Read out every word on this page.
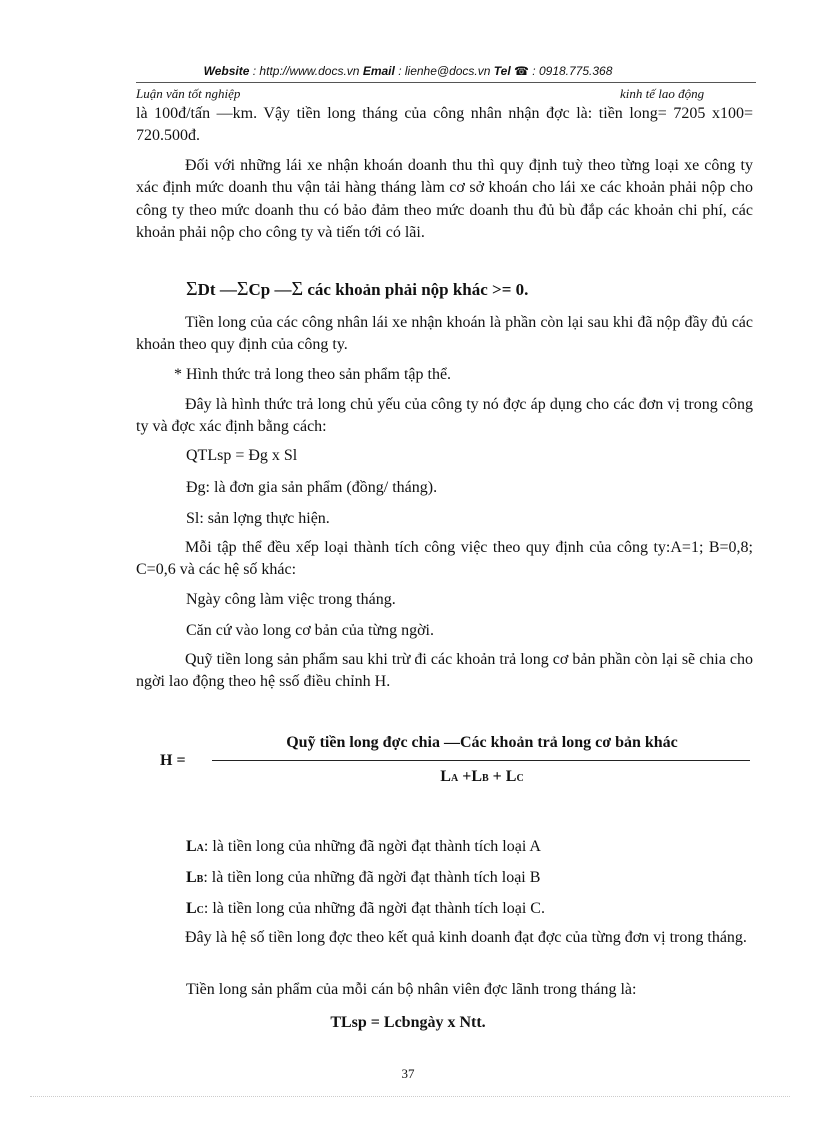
Website : http://www.docs.vn Email : lienhe@docs.vn Tel ☎ : 0918.775.368
Luận văn tốt nghiệp	kinh tế lao động

là 100đ/tấn —km. Vậy tiền long tháng của công nhân nhận đợc là: tiền long= 7205 x100= 720.500đ.

Đối với những lái xe nhận khoán doanh thu thì quy định tuỳ theo từng loại xe công ty xác định mức doanh thu vận tải hàng tháng làm cơ sở khoán cho lái xe các khoản phải nộp cho công ty theo mức doanh thu có bảo đảm theo mức doanh thu đủ bù đắp các khoản chi phí, các khoản phải nộp cho công ty và tiến tới có lãi.

ΣDt —ΣCp —Σ các khoản phải nộp khác >= 0.

Tiền long của các công nhân lái xe nhận khoán là phần còn lại sau khi đã nộp đầy đủ các khoản theo quy định của công ty.

* Hình thức trả long theo sản phẩm tập thể.

Đây là hình thức trả long chủ yếu của công ty nó đợc áp dụng cho các đơn vị trong công ty và đợc xác định bằng cách:

QTLsp = Đg x Sl

Đg: là đơn gia sản phẩm (đồng/ tháng).

Sl: sản lợng thực hiện.

Mỗi tập thể đều xếp loại thành tích công việc theo quy định của công ty:A=1; B=0,8; C=0,6 và các hệ số khác:

Ngày công làm việc trong tháng.

Căn cứ vào long cơ bản của từng ngời.

Quỹ tiền long sản phẩm sau khi trừ đi các khoản trả long cơ bản phần còn lại sẽ chia cho ngời lao động theo hệ ssố điều chỉnh H.

H =
Quỹ tiền long đợc chia —Các khoản trả long cơ bản khác
LA +LB + LC

LA: là tiền long của những đã ngời đạt thành tích loại A

LB: là tiền long của những đã ngời đạt thành tích loại B

LC: là tiền long của những đã ngời đạt thành tích loại C.

Đây là hệ số tiền long đợc theo kết quả kinh doanh đạt đợc của từng đơn vị trong tháng.

Tiền long sản phẩm của mỗi cán bộ nhân viên đợc lãnh trong tháng là:

TLsp = Lcbngày x Ntt.
37
